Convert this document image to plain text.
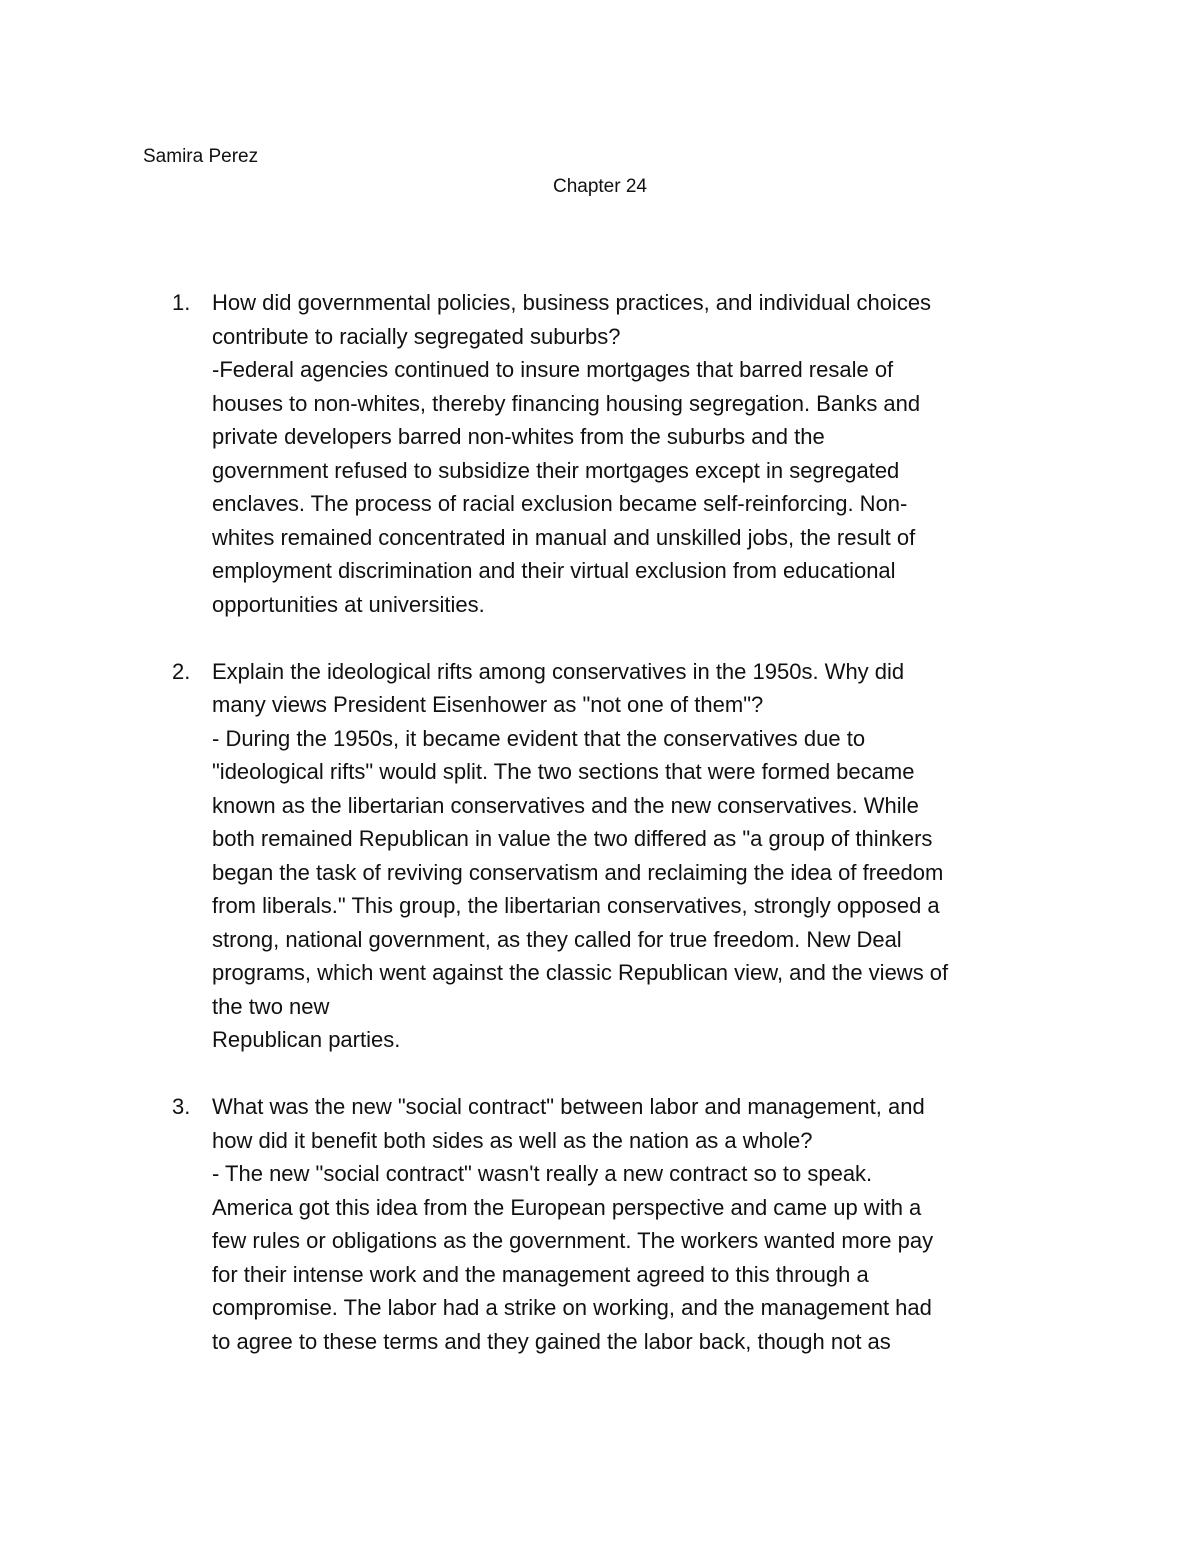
Samira Perez
Chapter 24
1. How did governmental policies, business practices, and individual choices
contribute to racially segregated suburbs?
-Federal agencies continued to insure mortgages that barred resale of
houses to non-whites, thereby financing housing segregation. Banks and
private developers barred non-whites from the suburbs and the
government refused to subsidize their mortgages except in segregated
enclaves. The process of racial exclusion became self-reinforcing. Non-
whites remained concentrated in manual and unskilled jobs, the result of
employment discrimination and their virtual exclusion from educational
opportunities at universities.
2. Explain the ideological rifts among conservatives in the 1950s. Why did
many views President Eisenhower as "not one of them"?
- During the 1950s, it became evident that the conservatives due to
"ideological rifts" would split. The two sections that were formed became
known as the libertarian conservatives and the new conservatives. While
both remained Republican in value the two differed as "a group of thinkers
began the task of reviving conservatism and reclaiming the idea of freedom
from liberals." This group, the libertarian conservatives, strongly opposed a
strong, national government, as they called for true freedom. New Deal
programs, which went against the classic Republican view, and the views of
the two new
Republican parties.
3. What was the new "social contract" between labor and management, and
how did it benefit both sides as well as the nation as a whole?
- The new "social contract" wasn't really a new contract so to speak.
America got this idea from the European perspective and came up with a
few rules or obligations as the government. The workers wanted more pay
for their intense work and the management agreed to this through a
compromise. The labor had a strike on working, and the management had
to agree to these terms and they gained the labor back, though not as
